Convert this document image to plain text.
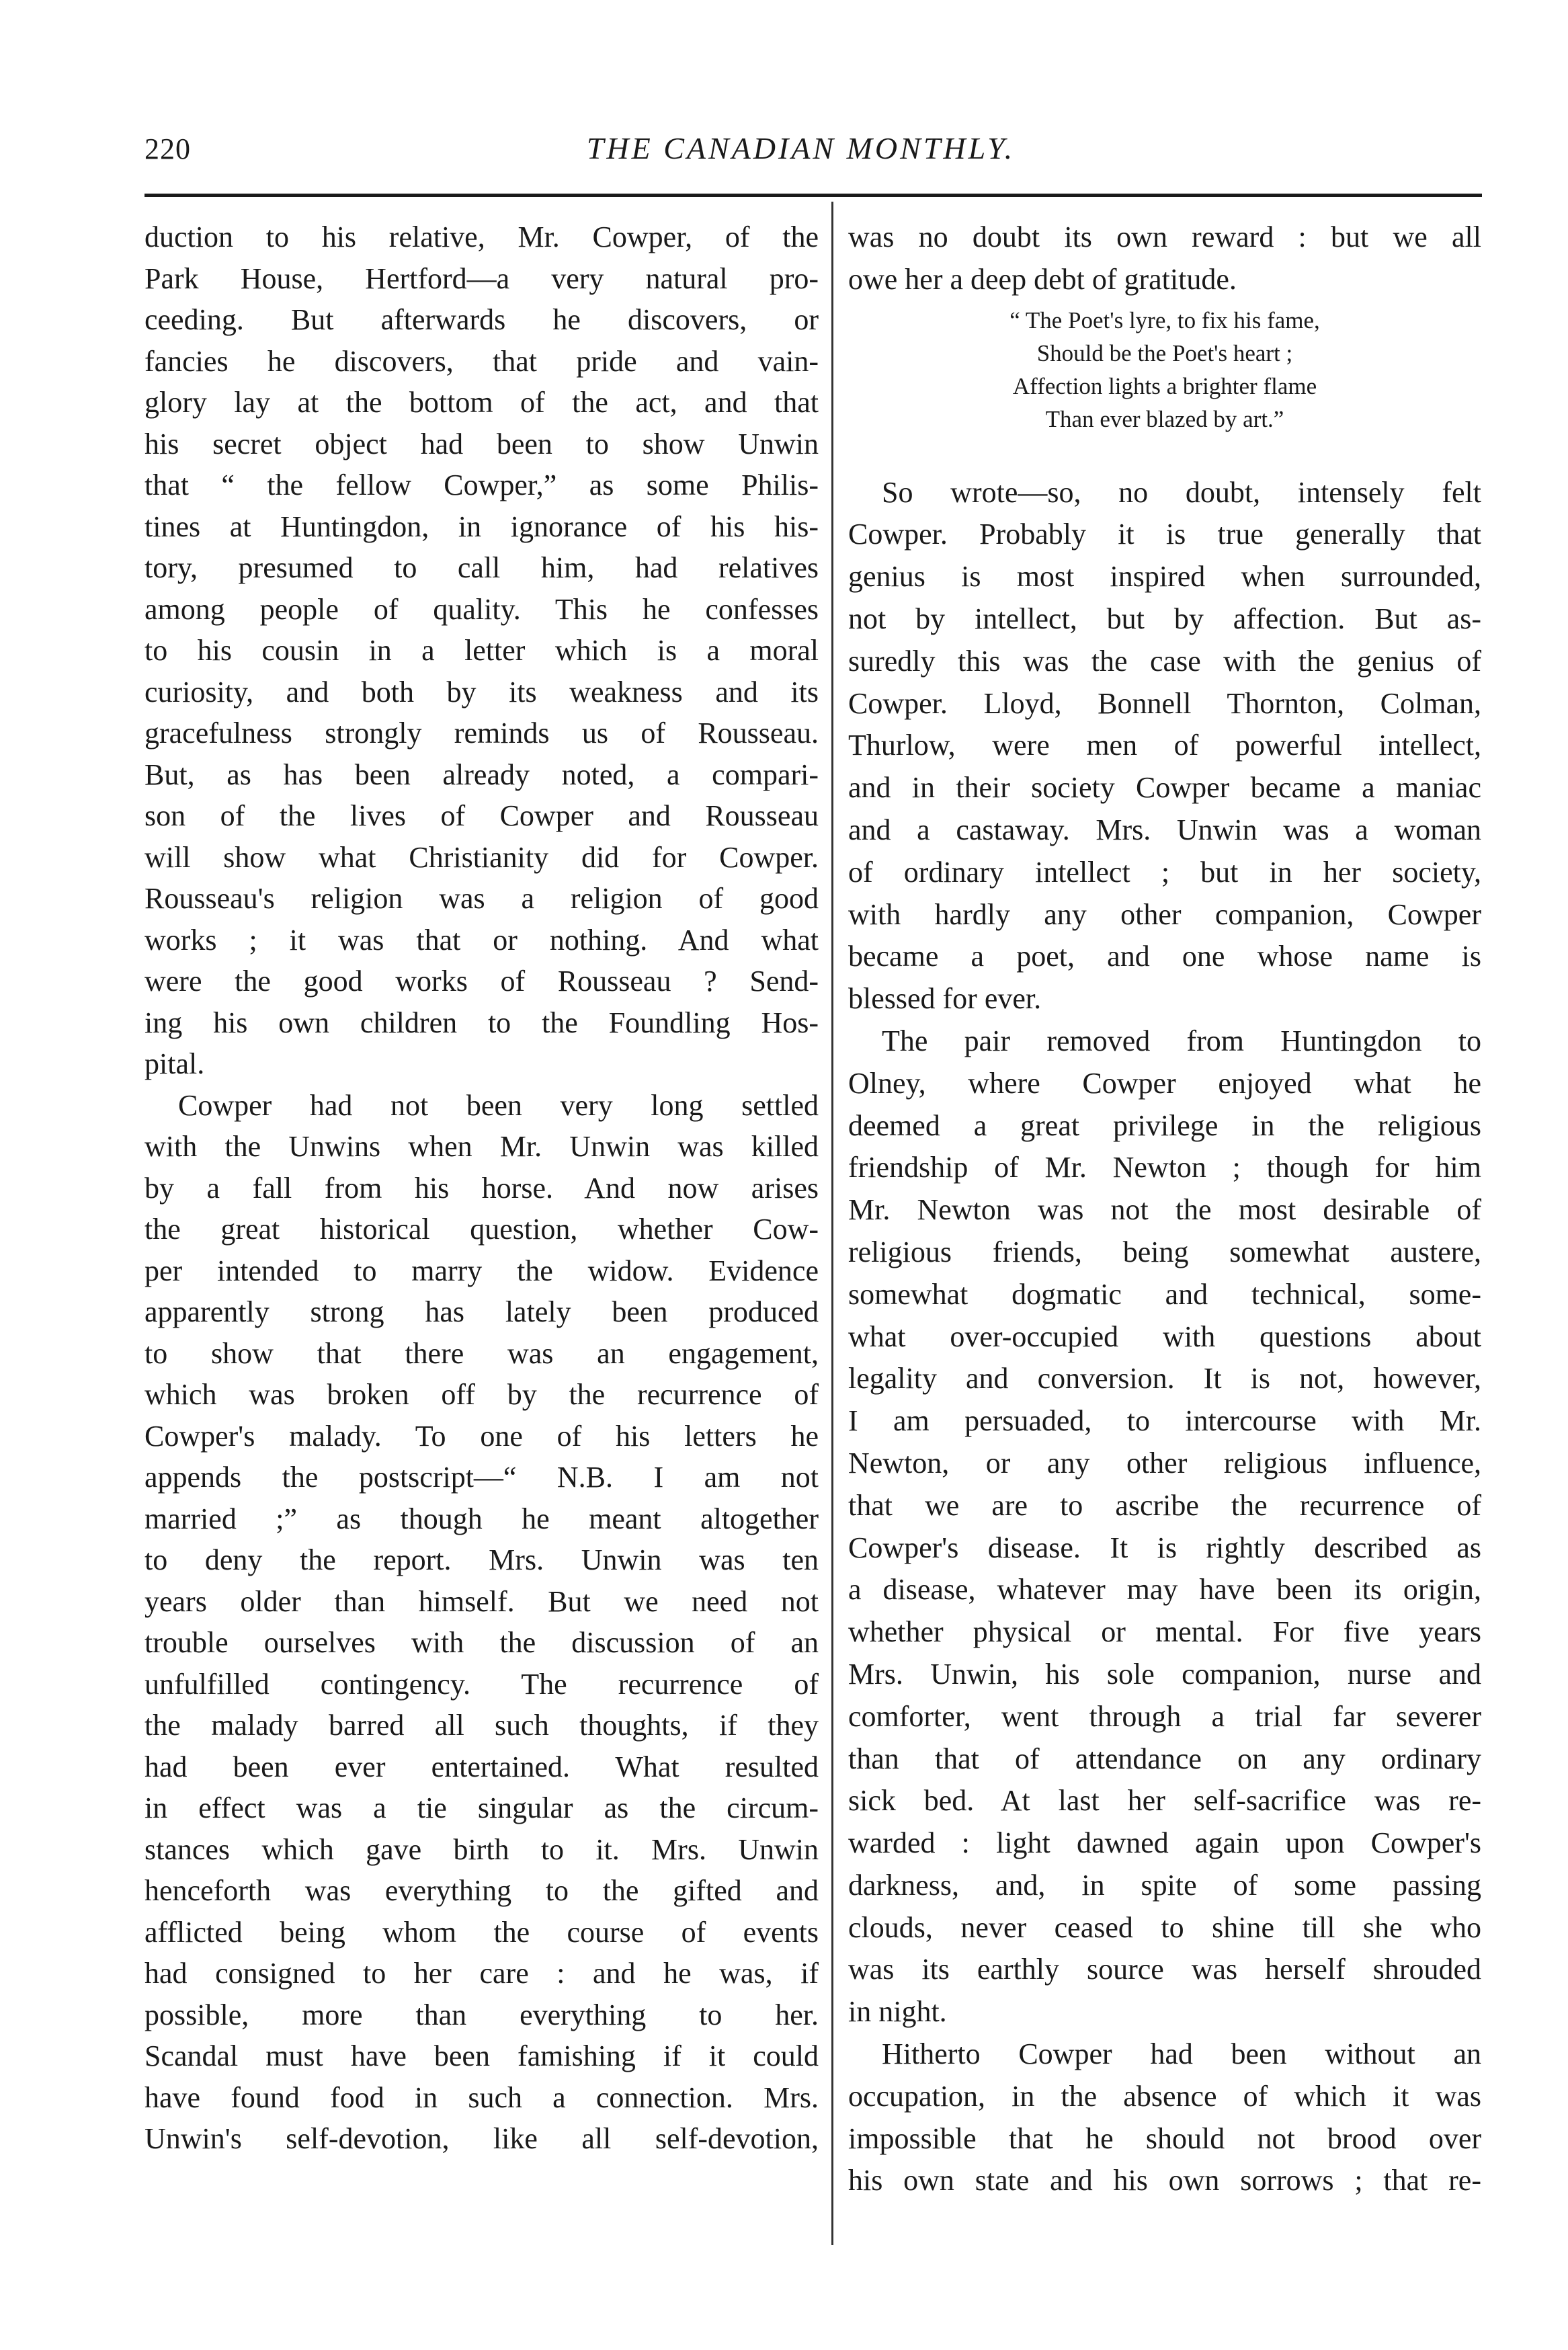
220	THE CANADIAN MONTHLY.
duction to his relative, Mr. Cowper, of the
Park House, Hertford—a very natural pro-
ceeding. But afterwards he discovers, or
fancies he discovers, that pride and vain-
glory lay at the bottom of the act, and that
his secret object had been to show Unwin
that “ the fellow Cowper,” as some Philis-
tines at Huntingdon, in ignorance of his his-
tory, presumed to call him, had relatives
among people of quality. This he confesses
to his cousin in a letter which is a moral
curiosity, and both by its weakness and its
gracefulness strongly reminds us of Rousseau.
But, as has been already noted, a compari-
son of the lives of Cowper and Rousseau
will show what Christianity did for Cowper.
Rousseau's religion was a religion of good
works ; it was that or nothing. And what
were the good works of Rousseau ? Send-
ing his own children to the Foundling Hos-
pital.
Cowper had not been very long settled
with the Unwins when Mr. Unwin was killed
by a fall from his horse. And now arises
the great historical question, whether Cow-
per intended to marry the widow. Evidence
apparently strong has lately been produced
to show that there was an engagement,
which was broken off by the recurrence of
Cowper's malady. To one of his letters he
appends the postscript—“ N.B. I am not
married ;” as though he meant altogether
to deny the report. Mrs. Unwin was ten
years older than himself. But we need not
trouble ourselves with the discussion of an
unfulfilled contingency. The recurrence of
the malady barred all such thoughts, if they
had been ever entertained. What resulted
in effect was a tie singular as the circum-
stances which gave birth to it. Mrs. Unwin
henceforth was everything to the gifted and
afflicted being whom the course of events
had consigned to her care : and he was, if
possible, more than everything to her.
Scandal must have been famishing if it could
have found food in such a connection. Mrs.
Unwin's self-devotion, like all self-devotion,
was no doubt its own reward : but we all
owe her a deep debt of gratitude.
“ The Poet's lyre, to fix his fame,
Should be the Poet's heart ;
Affection lights a brighter flame
Than ever blazed by art.”
So wrote—so, no doubt, intensely felt
Cowper. Probably it is true generally that
genius is most inspired when surrounded,
not by intellect, but by affection. But as-
suredly this was the case with the genius of
Cowper. Lloyd, Bonnell Thornton, Colman,
Thurlow, were men of powerful intellect,
and in their society Cowper became a maniac
and a castaway. Mrs. Unwin was a woman
of ordinary intellect ; but in her society,
with hardly any other companion, Cowper
became a poet, and one whose name is
blessed for ever.
The pair removed from Huntingdon to
Olney, where Cowper enjoyed what he
deemed a great privilege in the religious
friendship of Mr. Newton ; though for him
Mr. Newton was not the most desirable of
religious friends, being somewhat austere,
somewhat dogmatic and technical, some-
what over-occupied with questions about
legality and conversion. It is not, however,
I am persuaded, to intercourse with Mr.
Newton, or any other religious influence,
that we are to ascribe the recurrence of
Cowper's disease. It is rightly described as
a disease, whatever may have been its origin,
whether physical or mental. For five years
Mrs. Unwin, his sole companion, nurse and
comforter, went through a trial far severer
than that of attendance on any ordinary
sick bed. At last her self-sacrifice was re-
warded : light dawned again upon Cowper's
darkness, and, in spite of some passing
clouds, never ceased to shine till she who
was its earthly source was herself shrouded
in night.
Hitherto Cowper had been without an
occupation, in the absence of which it was
impossible that he should not brood over
his own state and his own sorrows ; that re-
